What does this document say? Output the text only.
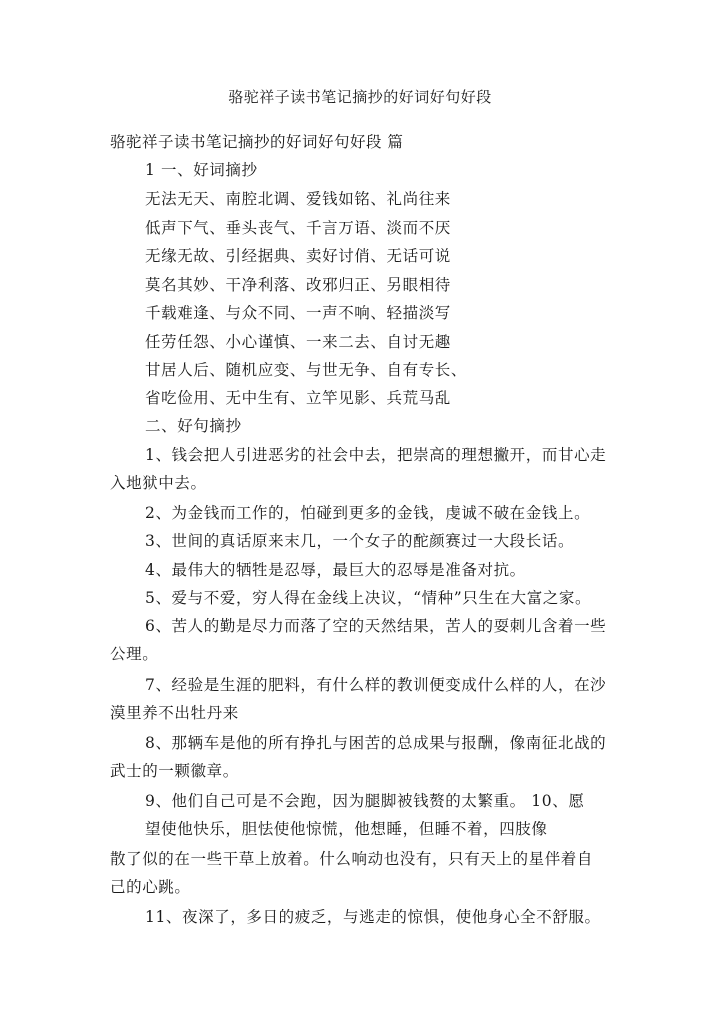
骆驼祥子读书笔记摘抄的好词好句好段
骆驼祥子读书笔记摘抄的好词好句好段 篇
1 一、好词摘抄
无法无天、南腔北调、爱钱如铭、礼尚往来
低声下气、垂头丧气、千言万语、淡而不厌
无缘无故、引经据典、卖好讨俏、无话可说
莫名其妙、干净利落、改邪归正、另眼相待
千载难逢、与众不同、一声不响、轻描淡写
任劳任怨、小心谨慎、一来二去、自讨无趣
甘居人后、随机应变、与世无争、自有专长、
省吃俭用、无中生有、立竿见影、兵荒马乱
二、好句摘抄
1、钱会把人引进恶劣的社会中去，把崇高的理想撇开，而甘心走
入地狱中去。
2、为金钱而工作的，怕碰到更多的金钱，虔诚不破在金钱上。
3、世间的真话原来末几，一个女子的酡颜赛过一大段长话。
4、最伟大的牺牲是忍辱，最巨大的忍辱是准备对抗。
5、爱与不爱，穷人得在金线上决议，“情种”只生在大富之家。
6、苦人的勤是尽力而落了空的天然结果，苦人的耍刺儿含着一些
公理。
7、经验是生涯的肥料，有什么样的教训便变成什么样的人，在沙
漠里养不出牡丹来
8、那辆车是他的所有挣扎与困苦的总成果与报酬，像南征北战的
武士的一颗徽章。
9、他们自己可是不会跑，因为腿脚被钱赘的太繁重。 10、愿
望使他快乐，胆怯使他惊慌，他想睡，但睡不着，四肢像
散了似的在一些干草上放着。什么响动也没有，只有天上的星伴着自
己的心跳。
11、夜深了，多日的疲乏，与逃走的惊惧，使他身心全不舒服。
